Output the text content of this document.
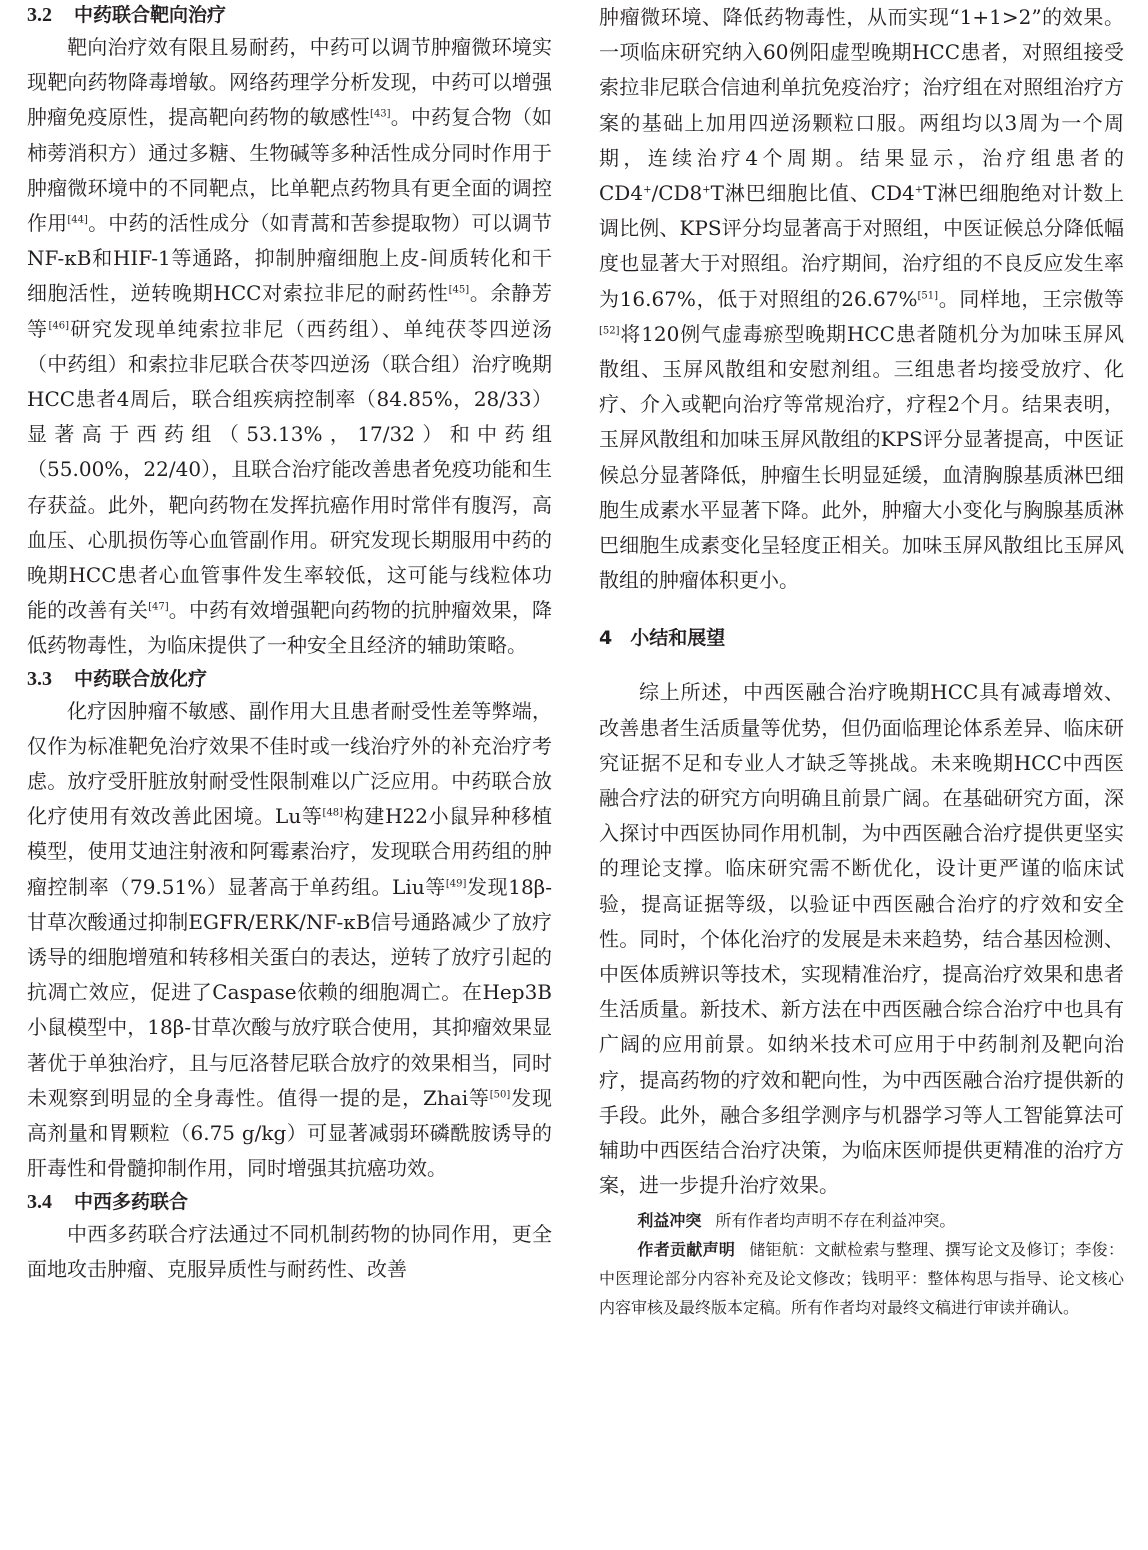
3.2 中药联合靶向治疗

靶向治疗效有限且易耐药，中药可以调节肿瘤微环境实现靶向药物降毒增敏。网络药理学分析发现，中药可以增强肿瘤免疫原性，提高靶向药物的敏感性[43]。中药复合物（如柿蒡消积方）通过多糖、生物碱等多种活性成分同时作用于肿瘤微环境中的不同靶点，比单靶点药物具有更全面的调控作用[44]。中药的活性成分（如青蒿和苦参提取物）可以调节NF-κB和HIF-1等通路，抑制肿瘤细胞上皮-间质转化和干细胞活性，逆转晚期HCC对索拉非尼的耐药性[45]。余静芳等[46]研究发现单纯索拉非尼（西药组）、单纯茯苓四逆汤（中药组）和索拉非尼联合茯苓四逆汤（联合组）治疗晚期HCC患者4周后，联合组疾病控制率（84.85%，28/33）显著高于西药组（53.13%，17/32）和中药组（55.00%，22/40），且联合治疗能改善患者免疫功能和生存获益。此外，靶向药物在发挥抗癌作用时常伴有腹泻，高血压、心肌损伤等心血管副作用。研究发现长期服用中药的晚期HCC患者心血管事件发生率较低，这可能与线粒体功能的改善有关[47]。中药有效增强靶向药物的抗肿瘤效果，降低药物毒性，为临床提供了一种安全且经济的辅助策略。

3.3 中药联合放化疗

化疗因肿瘤不敏感、副作用大且患者耐受性差等弊端，仅作为标准靶免治疗效果不佳时或一线治疗外的补充治疗考虑。放疗受肝脏放射耐受性限制难以广泛应用。中药联合放化疗使用有效改善此困境。Lu等[48]构建H22小鼠异种移植模型，使用艾迪注射液和阿霉素治疗，发现联合用药组的肿瘤控制率（79.51%）显著高于单药组。Liu等[49]发现18β-甘草次酸通过抑制EGFR/ERK/NF-κB信号通路减少了放疗诱导的细胞增殖和转移相关蛋白的表达，逆转了放疗引起的抗凋亡效应，促进了Caspase依赖的细胞凋亡。在Hep3B小鼠模型中，18β-甘草次酸与放疗联合使用，其抑瘤效果显著优于单独治疗，且与厄洛替尼联合放疗的效果相当，同时未观察到明显的全身毒性。值得一提的是，Zhai等[50]发现高剂量和胃颗粒（6.75 g/kg）可显著减弱环磷酰胺诱导的肝毒性和骨髓抑制作用，同时增强其抗癌功效。

3.4 中西多药联合

中西多药联合疗法通过不同机制药物的协同作用，更全面地攻击肿瘤、克服异质性与耐药性、改善

肿瘤微环境、降低药物毒性，从而实现“1+1>2”的效果。一项临床研究纳入60例阳虚型晚期HCC患者，对照组接受索拉非尼联合信迪利单抗免疫治疗；治疗组在对照组治疗方案的基础上加用四逆汤颗粒口服。两组均以3周为一个周期，连续治疗4个周期。结果显示，治疗组患者的CD4+/CD8+T淋巴细胞比值、CD4+T淋巴细胞绝对计数上调比例、KPS评分均显著高于对照组，中医证候总分降低幅度也显著大于对照组。治疗期间，治疗组的不良反应发生率为16.67%，低于对照组的26.67%[51]。同样地，王宗傲等[52]将120例气虚毒瘀型晚期HCC患者随机分为加味玉屏风散组、玉屏风散组和安慰剂组。三组患者均接受放疗、化疗、介入或靶向治疗等常规治疗，疗程2个月。结果表明，玉屏风散组和加味玉屏风散组的KPS评分显著提高，中医证候总分显著降低，肿瘤生长明显延缓，血清胸腺基质淋巴细胞生成素水平显著下降。此外，肿瘤大小变化与胸腺基质淋巴细胞生成素变化呈轻度正相关。加味玉屏风散组比玉屏风散组的肿瘤体积更小。

4 小结和展望

综上所述，中西医融合治疗晚期HCC具有减毒增效、改善患者生活质量等优势，但仍面临理论体系差异、临床研究证据不足和专业人才缺乏等挑战。未来晚期HCC中西医融合疗法的研究方向明确且前景广阔。在基础研究方面，深入探讨中西医协同作用机制，为中西医融合治疗提供更坚实的理论支撑。临床研究需不断优化，设计更严谨的临床试验，提高证据等级，以验证中西医融合治疗的疗效和安全性。同时，个体化治疗的发展是未来趋势，结合基因检测、中医体质辨识等技术，实现精准治疗，提高治疗效果和患者生活质量。新技术、新方法在中西医融合综合治疗中也具有广阔的应用前景。如纳米技术可应用于中药制剂及靶向治疗，提高药物的疗效和靶向性，为中西医融合治疗提供新的手段。此外，融合多组学测序与机器学习等人工智能算法可辅助中西医结合治疗决策，为临床医师提供更精准的治疗方案，进一步提升治疗效果。

利益冲突 所有作者均声明不存在利益冲突。

作者贡献声明 储钜航：文献检索与整理、撰写论文及修订；李俊：中医理论部分内容补充及论文修改；钱明平：整体构思与指导、论文核心内容审核及最终版本定稿。所有作者均对最终文稿进行审读并确认。
